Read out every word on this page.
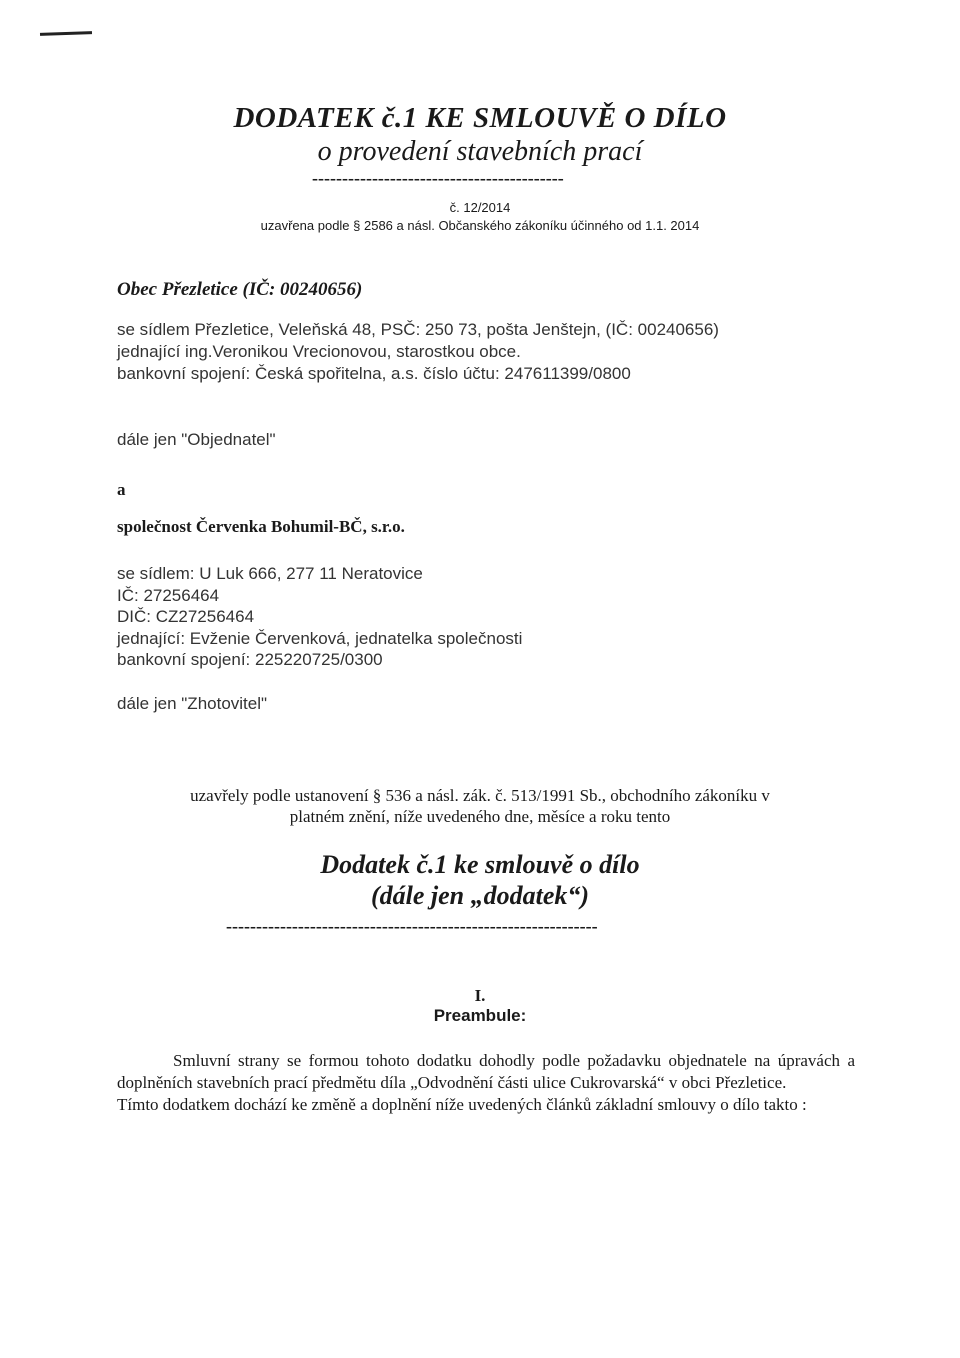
DODATEK č.1 KE SMLOUVĚ O DÍLO
o provedení stavebních prací
------------------------------------------
č. 12/2014
uzavřena podle § 2586 a násl. Občanského zákoníku účinného od 1.1. 2014
Obec Přezletice (IČ: 00240656)
se sídlem Přezletice, Veleňská 48, PSČ: 250 73, pošta Jenštejn, (IČ: 00240656)
jednající ing.Veronikou Vrecionovou, starostkou obce.
bankovní spojení: Česká spořitelna, a.s. číslo účtu: 247611399/0800
dále jen "Objednatel"
a
společnost Červenka Bohumil-BČ, s.r.o.
se sídlem: U Luk 666, 277 11 Neratovice
IČ: 27256464
DIČ: CZ27256464
jednající: Evženie Červenková, jednatelka společnosti
bankovní spojení: 225220725/0300
dále jen "Zhotovitel"
uzavřely podle ustanovení § 536 a násl. zák. č. 513/1991 Sb., obchodního zákoníku v
platném znění, níže uvedeného dne, měsíce a roku tento
Dodatek č.1 ke smlouvě o dílo
(dále jen „dodatek“)
--------------------------------------------------------------
I.
Preambule:

Smluvní strany se formou tohoto dodatku dohodly podle požadavku objednatele na úpravách a doplněních stavebních prací předmětu díla „Odvodnění části ulice Cukrovarská“ v obci Přezletice.

Tímto dodatkem dochází ke změně a doplnění níže uvedených článků základní smlouvy o dílo takto :
